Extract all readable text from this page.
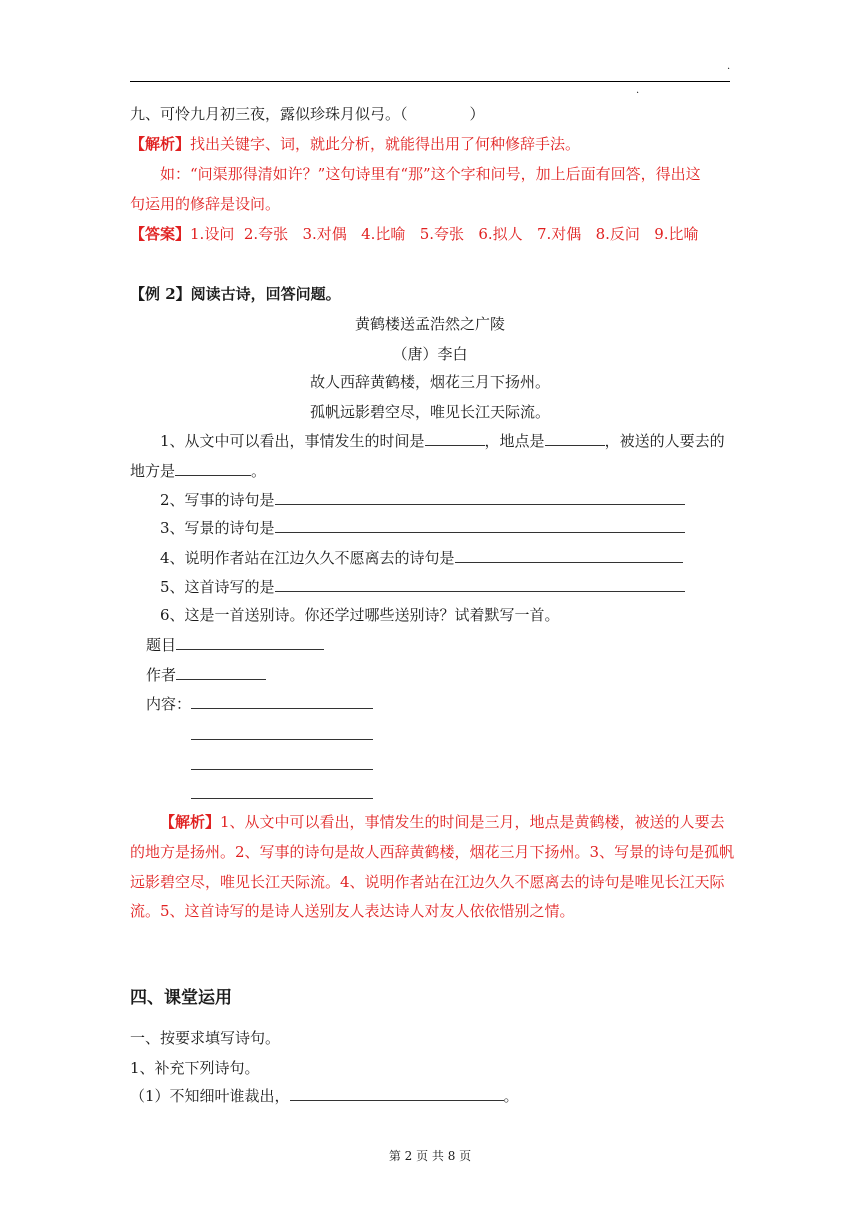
.
.
九、可怜九月初三夜，露似珍珠月似弓。（	）
【解析】找出关键字、词，就此分析，就能得出用了何种修辞手法。
如：“问渠那得清如许？”这句诗里有“那”这个字和问号，加上后面有回答，得出这
句运用的修辞是设问。
【答案】1.设问 2.夸张 3.对偶 4.比喻 5.夸张 6.拟人 7.对偶 8.反问 9.比喻
【例 2】阅读古诗，回答问题。
黄鹤楼送孟浩然之广陵
（唐）李白
故人西辞黄鹤楼，烟花三月下扬州。
孤帆远影碧空尽，唯见长江天际流。
1、从文中可以看出，事情发生的时间是	，地点是	，被送的人要去的
地方是	。
2、写事的诗句是
3、写景的诗句是
4、说明作者站在江边久久不愿离去的诗句是
5、这首诗写的是
6、这是一首送别诗。你还学过哪些送别诗？试着默写一首。
题目
作者
内容：
【解析】1、从文中可以看出，事情发生的时间是三月，地点是黄鹤楼，被送的人要去
的地方是扬州。2、写事的诗句是故人西辞黄鹤楼，烟花三月下扬州。3、写景的诗句是孤帆
远影碧空尽，唯见长江天际流。4、说明作者站在江边久久不愿离去的诗句是唯见长江天际
流。5、这首诗写的是诗人送别友人表达诗人对友人依依惜别之情。
四、课堂运用
一、按要求填写诗句。
1、补充下列诗句。
（1）不知细叶谁裁出，	。
第 2 页 共 8 页
